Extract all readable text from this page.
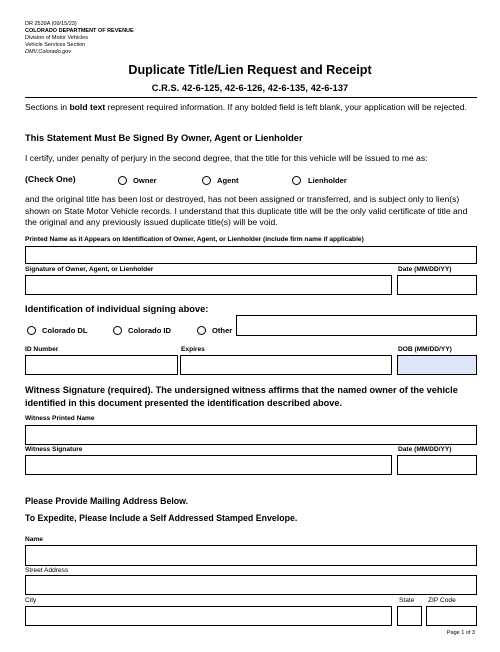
DR 2539A (09/15/23)
COLORADO DEPARTMENT OF REVENUE
Division of Motor Vehicles
Vehicle Services Section
DMV.Colorado.gov
Duplicate Title/Lien Request and Receipt
C.R.S. 42-6-125, 42-6-126, 42-6-135, 42-6-137
Sections in bold text represent required information. If any bolded field is left blank, your application will be rejected.
This Statement Must Be Signed By Owner, Agent or Lienholder
I certify, under penalty of perjury in the second degree, that the title for this vehicle will be issued to me as:
(Check One)	Owner	Agent	Lienholder
and the original title has been lost or destroyed, has not been assigned or transferred, and is subject only to lien(s) shown on State Motor Vehicle records. I understand that this duplicate title will be the only valid certificate of title and the original and any previously issued duplicate title(s) will be void.
Printed Name as it Appears on Identification of Owner, Agent, or Lienholder (include firm name if applicable)
Signature of Owner, Agent, or Lienholder	Date (MM/DD/YY)
Identification of individual signing above:
Colorado DL	Colorado ID	Other
ID Number	Expires	DOB (MM/DD/YY)
Witness Signature (required). The undersigned witness affirms that the named owner of the vehicle identified in this document presented the identification described above.
Witness Printed Name
Witness Signature	Date (MM/DD/YY)
Please Provide Mailing Address Below.
To Expedite, Please Include a Self Addressed Stamped Envelope.
Name
Street Address
City	State ZIP Code
Page 1 of 3
